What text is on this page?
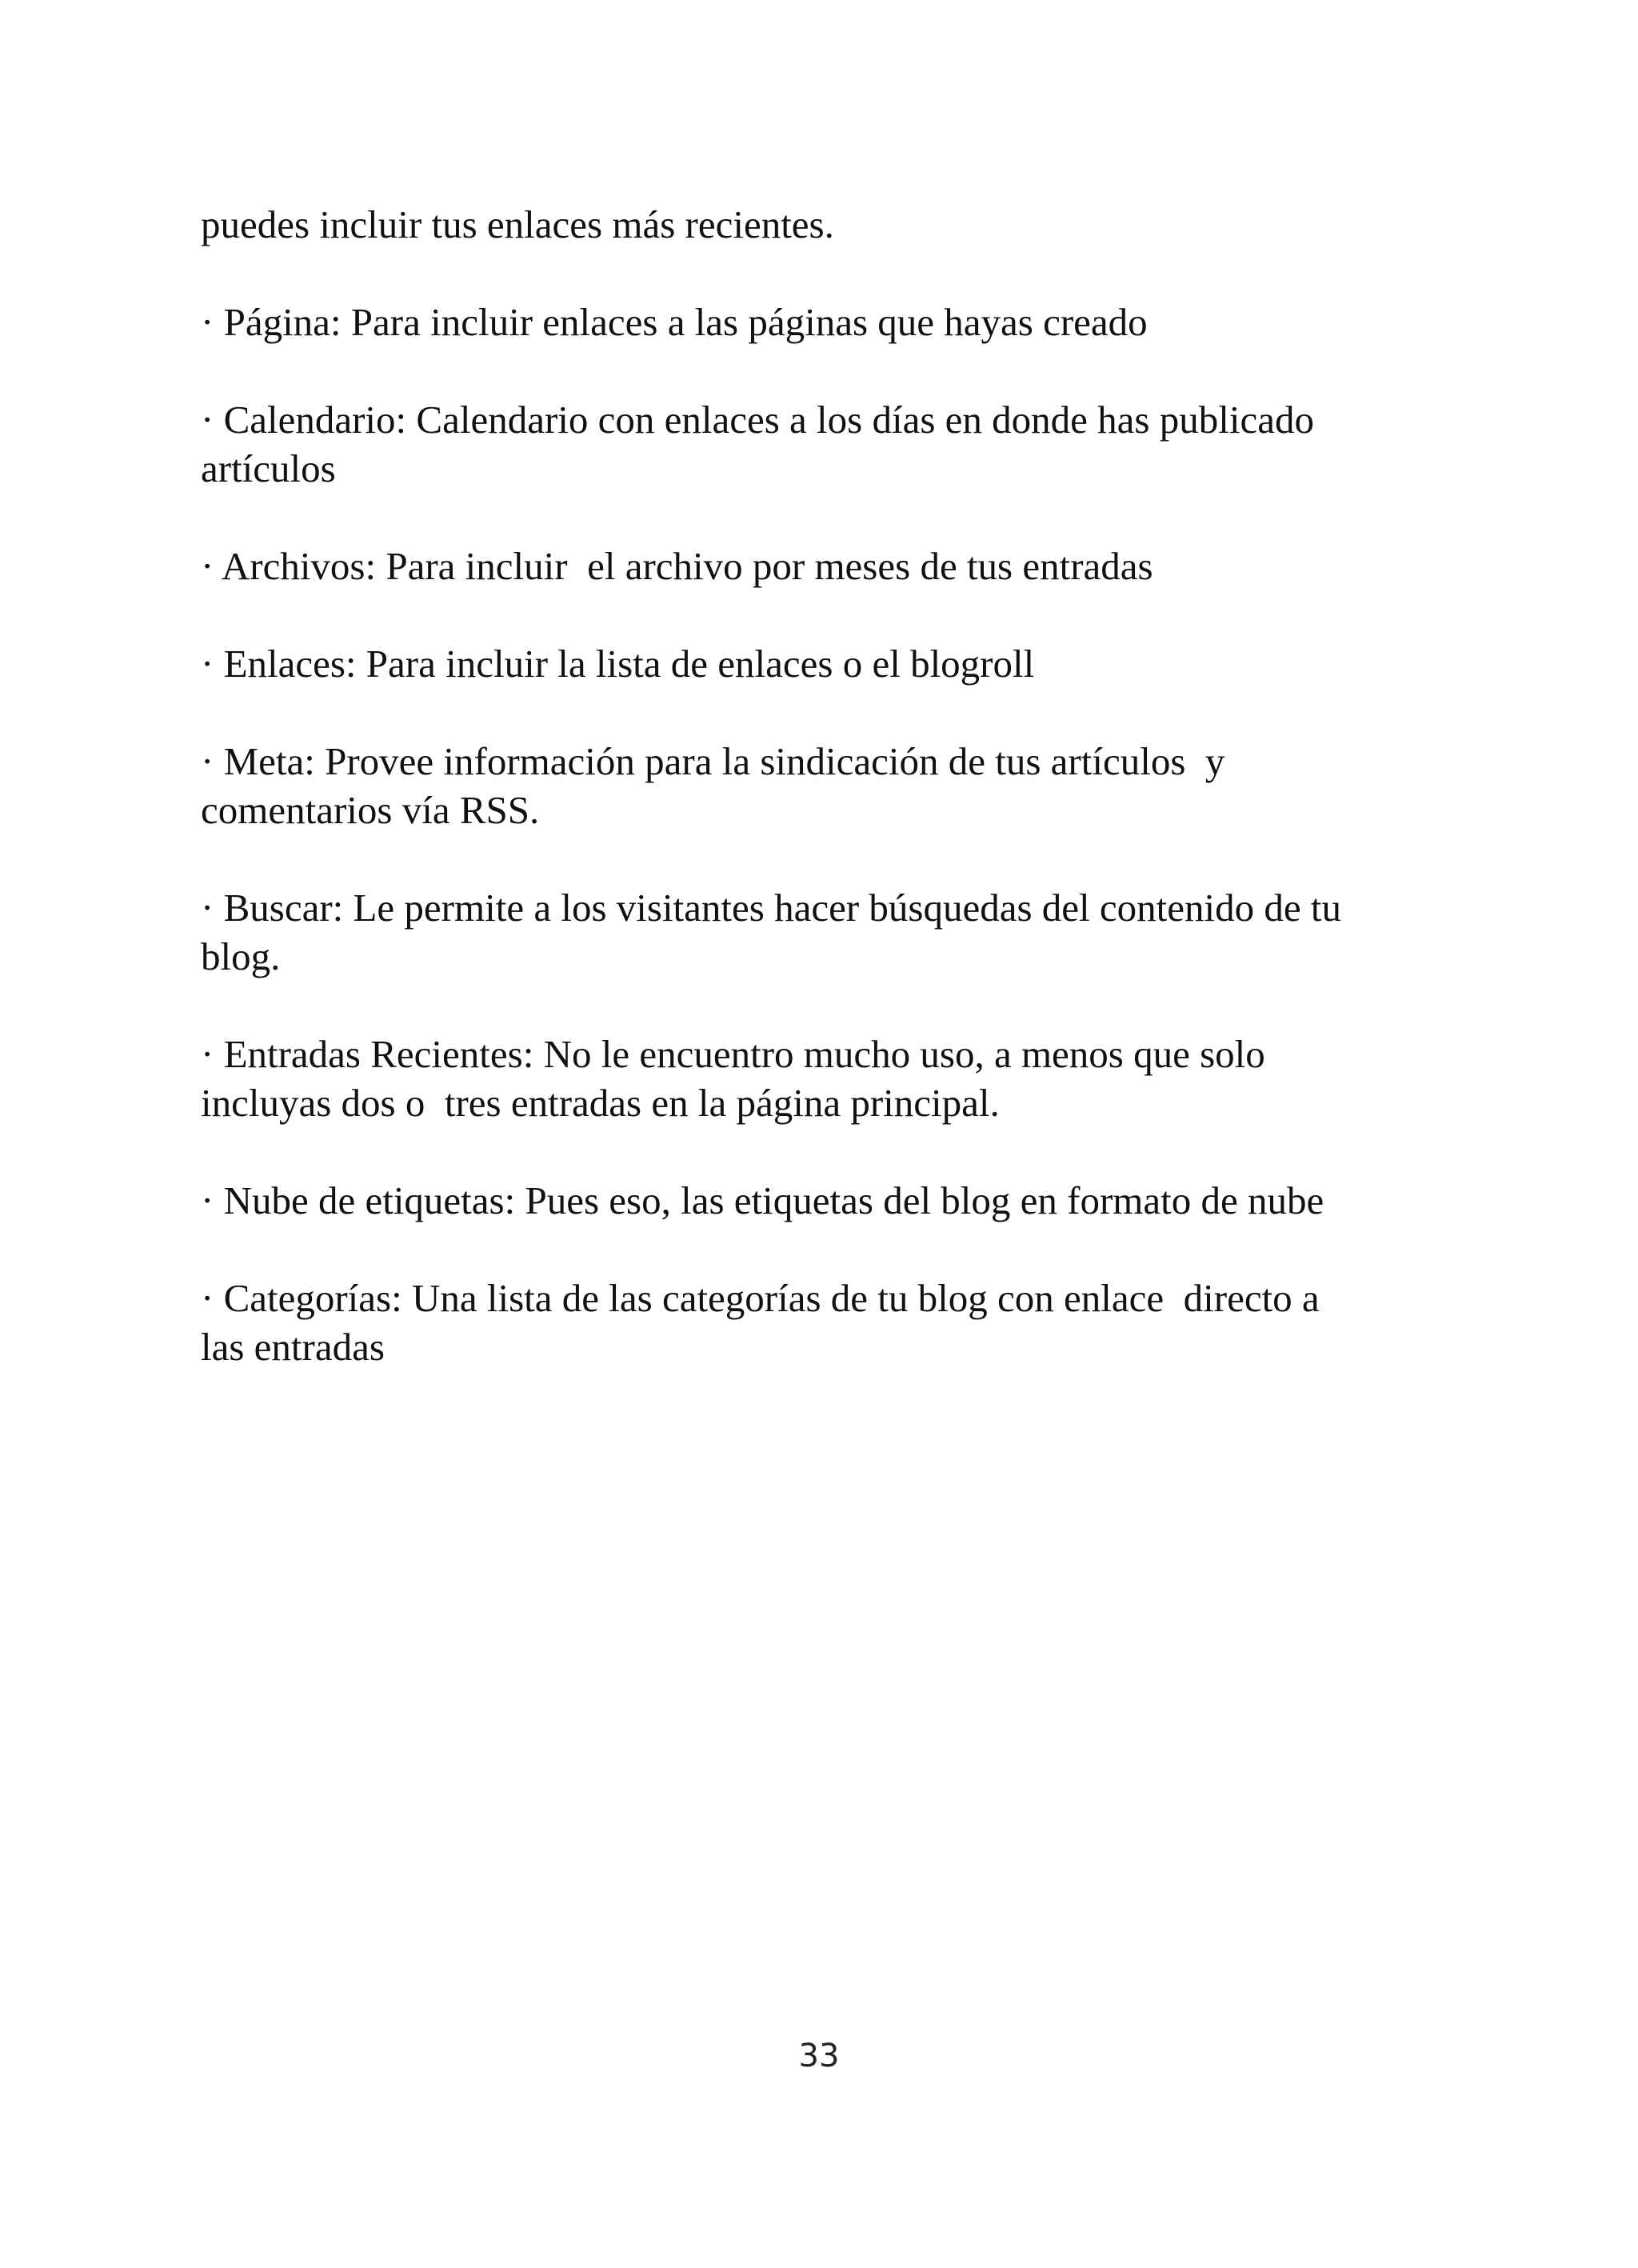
puedes incluir tus enlaces más recientes.

· Página: Para incluir enlaces a las páginas que hayas creado

· Calendario: Calendario con enlaces a los días en donde has publicado
artículos

· Archivos: Para incluir  el archivo por meses de tus entradas

· Enlaces: Para incluir la lista de enlaces o el blogroll

· Meta: Provee información para la sindicación de tus artículos  y
comentarios vía RSS.

· Buscar: Le permite a los visitantes hacer búsquedas del contenido de tu
blog.

· Entradas Recientes: No le encuentro mucho uso, a menos que solo
incluyas dos o  tres entradas en la página principal.

· Nube de etiquetas: Pues eso, las etiquetas del blog en formato de nube

· Categorías: Una lista de las categorías de tu blog con enlace  directo a
las entradas

33
